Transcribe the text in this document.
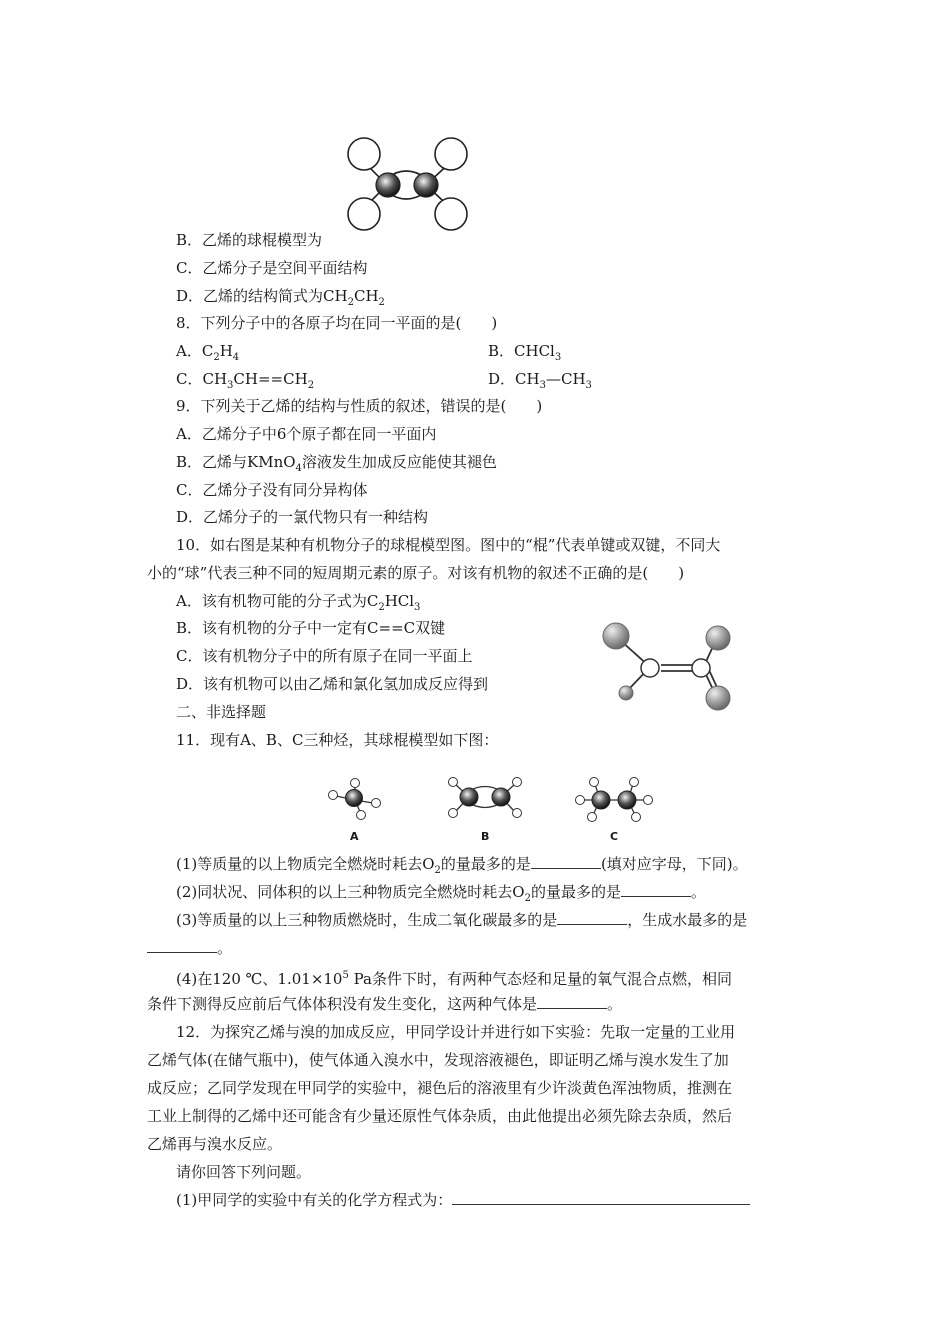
B．乙烯的球棍模型为
C．乙烯分子是空间平面结构
D．乙烯的结构简式为$CH_2CH_2$
8．下列分子中的各原子均在同一平面的是(　　)
A．$C_2H_4$	B．CHCl$_3$
C．$CH_3CH==CH_2$	D．$CH_3—CH_3$
9．下列关于乙烯的结构与性质的叙述，错误的是(　　)
A．乙烯分子中6个原子都在同一平面内
B．乙烯与KMnO$_4$溶液发生加成反应能使其褪色
C．乙烯分子没有同分异构体
D．乙烯分子的一氯代物只有一种结构
10．如右图是某种有机物分子的球棍模型图。图中的“棍”代表单键或双键，不同大
小的“球”代表三种不同的短周期元素的原子。对该有机物的叙述不正确的是(　　)
A．该有机物可能的分子式为$C_2HCl_3$
B．该有机物的分子中一定有C==C双键
C．该有机物分子中的所有原子在同一平面上
D．该有机物可以由乙烯和氯化氢加成反应得到
二、非选择题
11．现有A、B、C三种烃，其球棍模型如下图：
A	B	C
(1)等质量的以上物质完全燃烧时耗去$O_2$的量最多的是	(填对应字母，下同)。
(2)同状况、同体积的以上三种物质完全燃烧时耗去$O_2$的量最多的是	。
(3)等质量的以上三种物质燃烧时，生成二氧化碳最多的是	，生成水最多的是
。
(4)在120 ℃、$1.01\times 10^5$ Pa条件下时，有两种气态烃和足量的氧气混合点燃，相同
条件下测得反应前后气体体积没有发生变化，这两种气体是	。
12．为探究乙烯与溴的加成反应，甲同学设计并进行如下实验：先取一定量的工业用
乙烯气体(在储气瓶中)，使气体通入溴水中，发现溶液褪色，即证明乙烯与溴水发生了加
成反应；乙同学发现在甲同学的实验中，褪色后的溶液里有少许淡黄色浑浊物质，推测在
工业上制得的乙烯中还可能含有少量还原性气体杂质，由此他提出必须先除去杂质，然后
乙烯再与溴水反应。
请你回答下列问题。
(1)甲同学的实验中有关的化学方程式为：
